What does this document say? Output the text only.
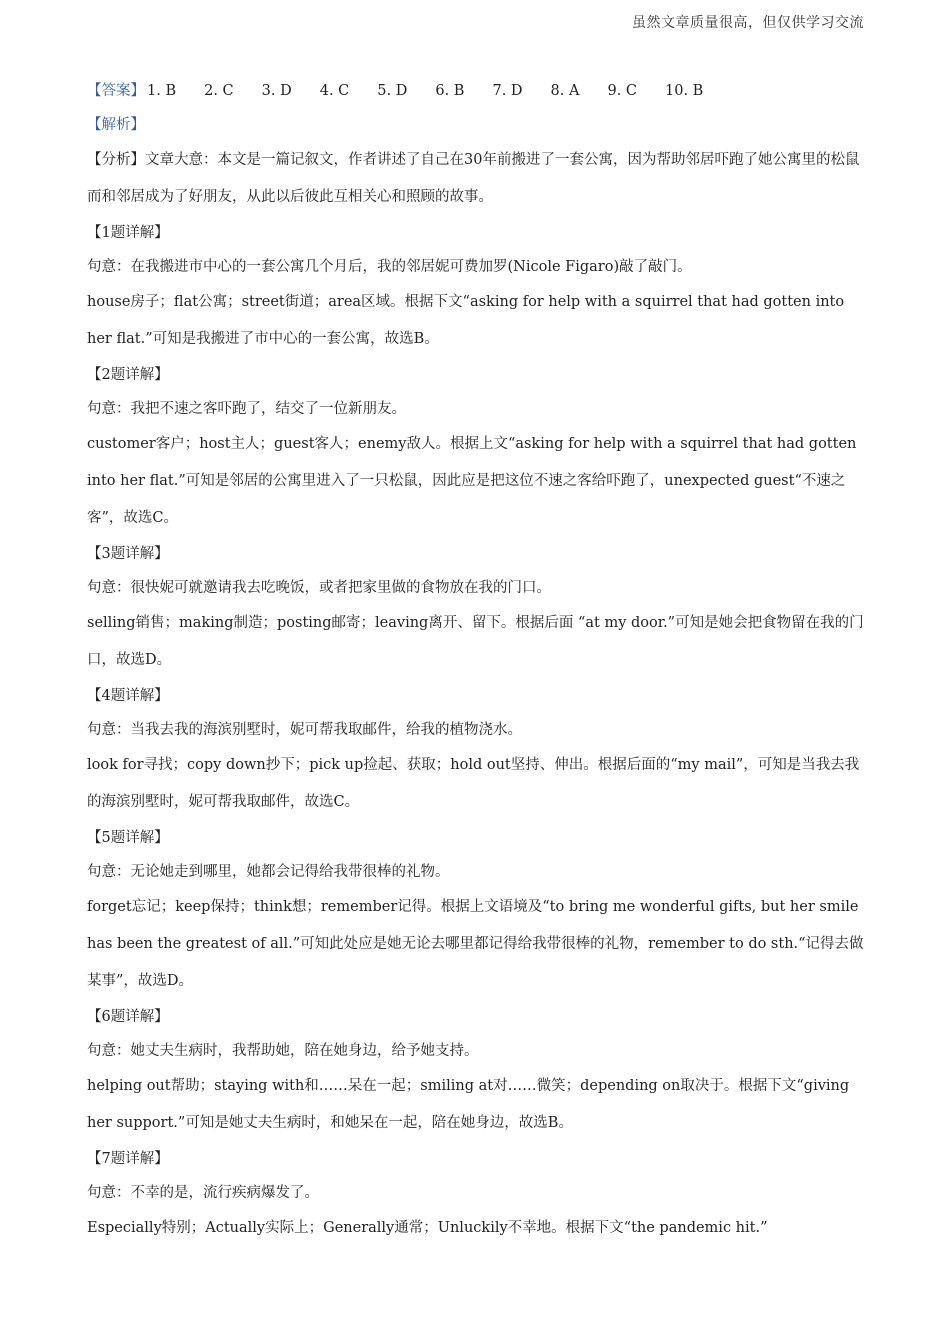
虽然文章质量很高，但仅供学习交流
【答案】 1. B 2. C 3. D 4. C 5. D 6. B 7. D 8. A 9. C 10. B

【解析】

【分析】文章大意：本文是一篇记叙文，作者讲述了自己在30年前搬进了一套公寓，因为帮助邻居吓跑了她公寓里的松鼠而和邻居成为了好朋友，从此以后彼此互相关心和照顾的故事。

【1题详解】

句意：在我搬进市中心的一套公寓几个月后，我的邻居妮可费加罗(Nicole Figaro)敲了敲门。

house房子；flat公寓；street街道；area区域。根据下文“asking for help with a squirrel that had gotten into her flat.”可知是我搬进了市中心的一套公寓，故选B。

【2题详解】

句意：我把不速之客吓跑了，结交了一位新朋友。

customer客户；host主人；guest客人；enemy敌人。根据上文“asking for help with a squirrel that had gotten into her flat.”可知是邻居的公寓里进入了一只松鼠，因此应是把这位不速之客给吓跑了，unexpected guest“不速之客”，故选C。

【3题详解】

句意：很快妮可就邀请我去吃晚饭，或者把家里做的食物放在我的门口。

selling销售；making制造；posting邮寄；leaving离开、留下。根据后面 “at my door.”可知是她会把食物留在我的门口，故选D。

【4题详解】

句意：当我去我的海滨别墅时，妮可帮我取邮件，给我的植物浇水。

look for寻找；copy down抄下；pick up捡起、获取；hold out坚持、伸出。根据后面的“my mail”，可知是当我去我的海滨别墅时，妮可帮我取邮件，故选C。

【5题详解】

句意：无论她走到哪里，她都会记得给我带很棒的礼物。

forget忘记；keep保持；think想；remember记得。根据上文语境及“to bring me wonderful gifts, but her smile has been the greatest of all.”可知此处应是她无论去哪里都记得给我带很棒的礼物，remember to do sth.“记得去做某事”，故选D。

【6题详解】

句意：她丈夫生病时，我帮助她，陪在她身边，给予她支持。

helping out帮助；staying with和……呆在一起；smiling at对……微笑；depending on取决于。根据下文“giving her support.”可知是她丈夫生病时，和她呆在一起，陪在她身边，故选B。

【7题详解】

句意：不幸的是，流行疾病爆发了。

Especially特别；Actually实际上；Generally通常；Unluckily不幸地。根据下文“the pandemic hit.”
